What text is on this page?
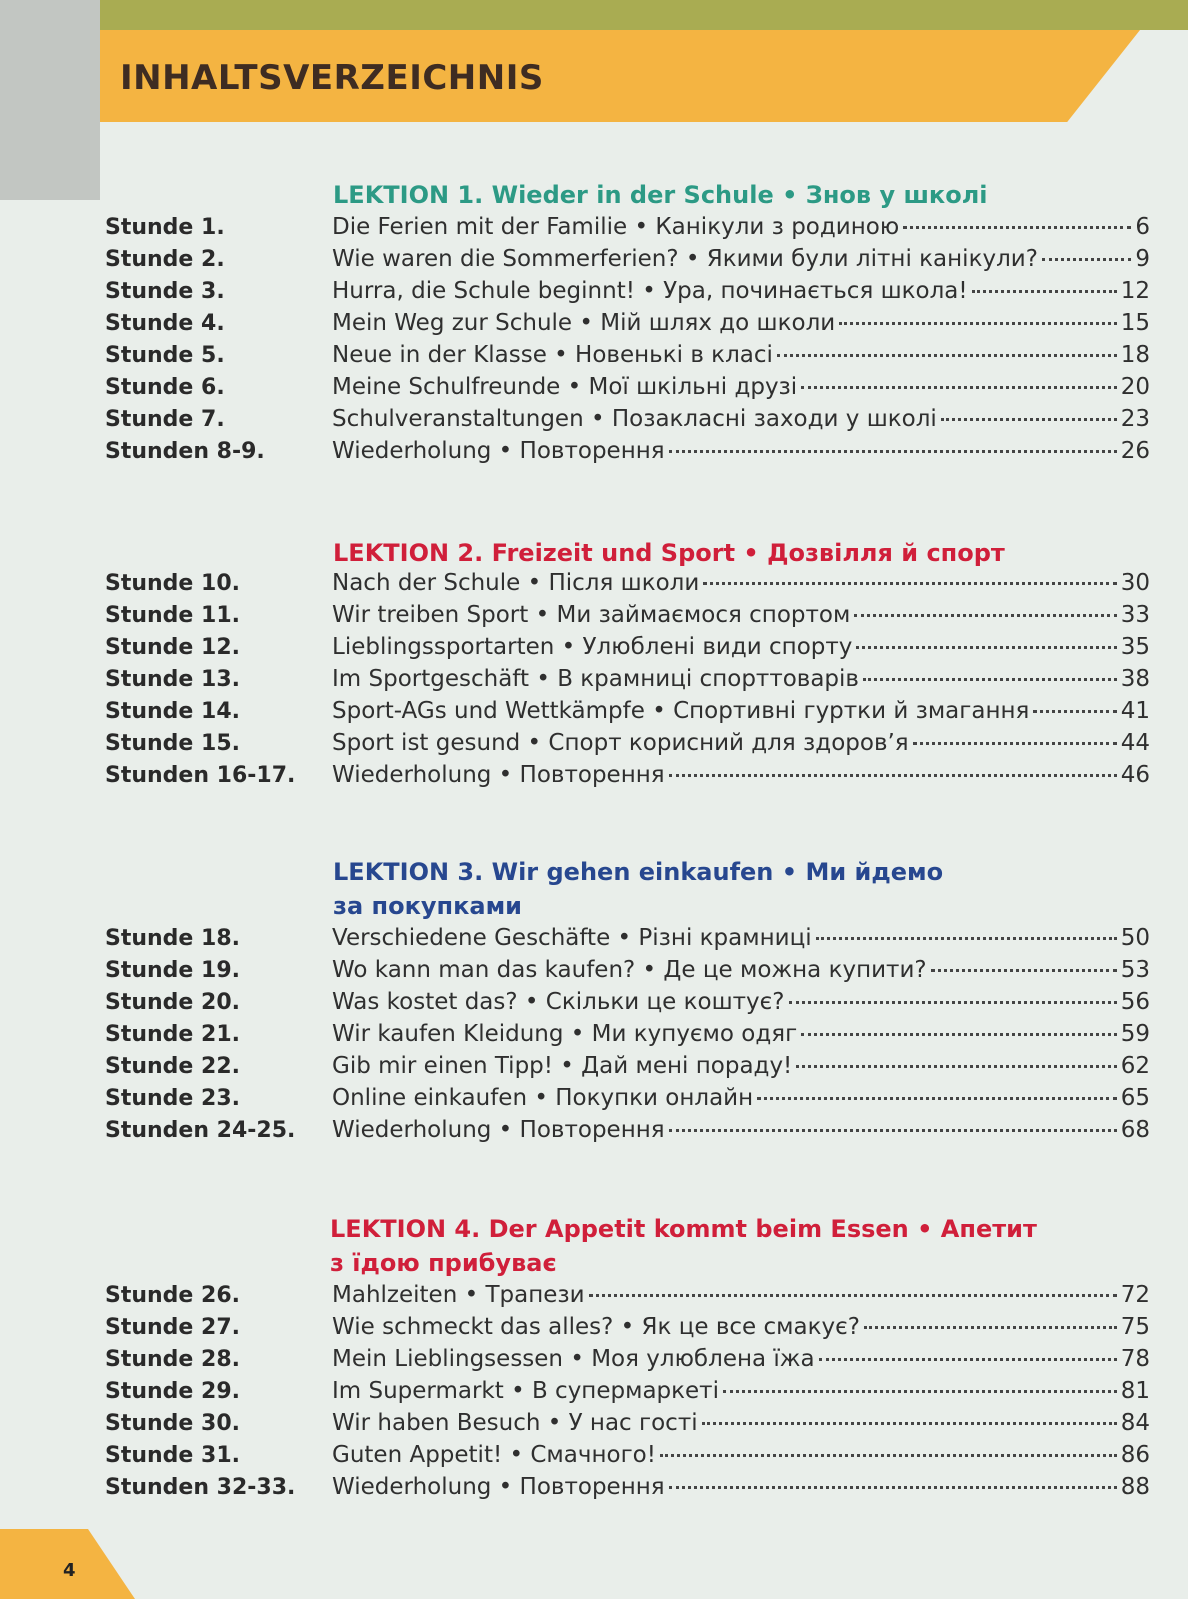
INHALTSVERZEICHNIS
LEKTION 1. Wieder in der Schule • Знов у школі
Stunde 1.	Die Ferien mit der Familie • Канікули з родиною	6
Stunde 2.	Wie waren die Sommerferien? • Якими були літні канікули?	9
Stunde 3.	Hurra, die Schule beginnt! • Ура, починається школа!	12
Stunde 4.	Mein Weg zur Schule • Мій шлях до школи	15
Stunde 5.	Neue in der Klasse • Новенькі в класі	18
Stunde 6.	Meine Schulfreunde • Мої шкільні друзі	20
Stunde 7.	Schulveranstaltungen • Позакласні заходи у школі	23
Stunden 8-9.	Wiederholung • Повторення	26
LEKTION 2. Freizeit und Sport • Дозвілля й спорт
Stunde 10.	Nach der Schule • Після школи	30
Stunde 11.	Wir treiben Sport • Ми займаємося спортом	33
Stunde 12.	Lieblingssportarten • Улюблені види спорту	35
Stunde 13.	Im Sportgeschäft • В крамниці спорттоварів	38
Stunde 14.	Sport-AGs und Wettkämpfe • Спортивні гуртки й змагання	41
Stunde 15.	Sport ist gesund • Спорт корисний для здоров’я	44
Stunden 16-17.	Wiederholung • Повторення	46
LEKTION 3. Wir gehen einkaufen • Ми йдемо
за покупками
Stunde 18.	Verschiedene Geschäfte • Різні крамниці	50
Stunde 19.	Wo kann man das kaufen? • Де це можна купити?	53
Stunde 20.	Was kostet das? • Скільки це коштує?	56
Stunde 21.	Wir kaufen Kleidung • Ми купуємо одяг	59
Stunde 22.	Gib mir einen Tipp! • Дай мені пораду!	62
Stunde 23.	Online einkaufen • Покупки онлайн	65
Stunden 24-25.	Wiederholung • Повторення	68
LEKTION 4. Der Appetit kommt beim Essen • Апетит
з їдою прибуває
Stunde 26.	Mahlzeiten • Трапези	72
Stunde 27.	Wie schmeckt das alles? • Як це все смакує?	75
Stunde 28.	Mein Lieblingsessen • Моя улюблена їжа	78
Stunde 29.	Im Supermarkt • В супермаркеті	81
Stunde 30.	Wir haben Besuch • У нас гості	84
Stunde 31.	Guten Appetit! • Смачного!	86
Stunden 32-33.	Wiederholung • Повторення	88

4
